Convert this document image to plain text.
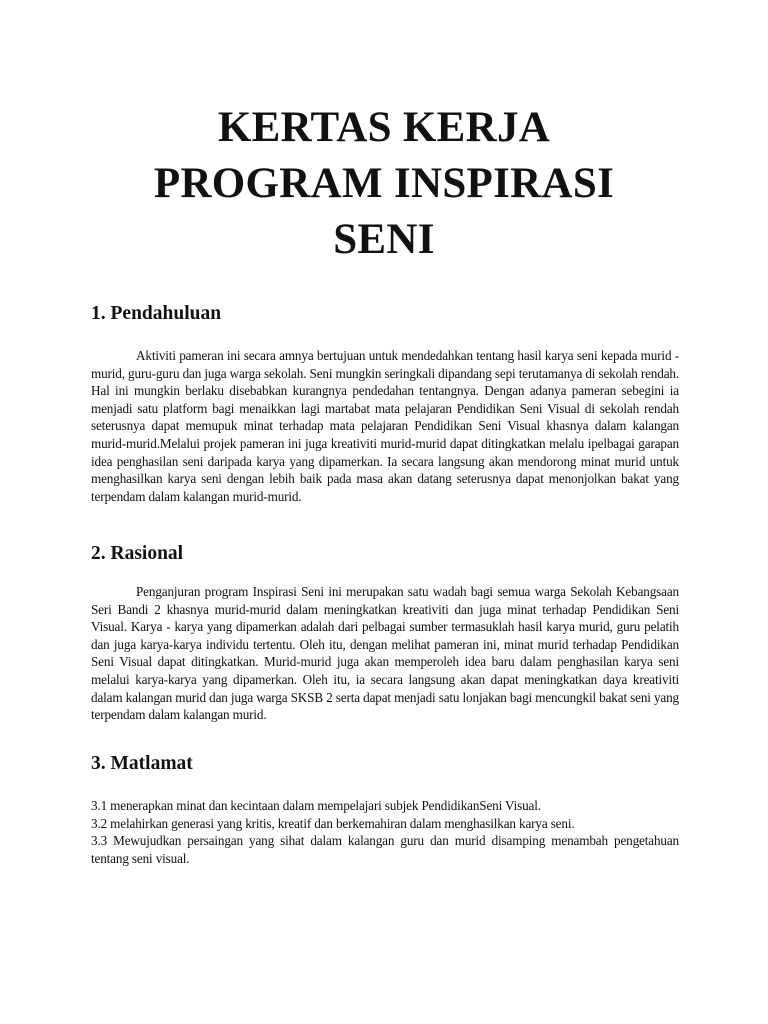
KERTAS KERJA
PROGRAM INSPIRASI
SENI
1. Pendahuluan

Aktiviti pameran ini secara amnya bertujuan untuk mendedahkan tentang hasil karya seni kepada murid -murid, guru-guru dan juga warga sekolah. Seni mungkin seringkali dipandang sepi terutamanya di sekolah rendah. Hal ini mungkin berlaku disebabkan kurangnya pendedahan tentangnya. Dengan adanya pameran sebegini ia menjadi satu platform bagi menaikkan lagi martabat mata pelajaran Pendidikan Seni Visual di sekolah rendah seterusnya dapat memupuk minat terhadap mata pelajaran Pendidikan Seni Visual khasnya dalam kalangan murid-murid.Melalui projek pameran ini juga kreativiti murid-murid dapat ditingkatkan melalu ipelbagai garapan idea penghasilan seni daripada karya yang dipamerkan. Ia secara langsung akan mendorong minat murid untuk menghasilkan karya seni dengan lebih baik pada masa akan datang seterusnya dapat menonjolkan bakat yang terpendam dalam kalangan murid-murid.

2. Rasional

Penganjuran program Inspirasi Seni ini merupakan satu wadah bagi semua warga Sekolah Kebangsaan Seri Bandi 2 khasnya murid-murid dalam meningkatkan kreativiti dan juga minat terhadap Pendidikan Seni Visual. Karya - karya yang dipamerkan adalah dari pelbagai sumber termasuklah hasil karya murid, guru pelatih dan juga karya-karya individu tertentu. Oleh itu, dengan melihat pameran ini, minat murid terhadap Pendidikan Seni Visual dapat ditingkatkan. Murid-murid juga akan memperoleh idea baru dalam penghasilan karya seni melalui karya-karya yang dipamerkan. Oleh itu, ia secara langsung akan dapat meningkatkan daya kreativiti dalam kalangan murid dan juga warga SKSB 2 serta dapat menjadi satu lonjakan bagi mencungkil bakat seni yang terpendam dalam kalangan murid.

3. Matlamat
3.1 menerapkan minat dan kecintaan dalam mempelajari subjek PendidikanSeni Visual.
3.2 melahirkan generasi yang kritis, kreatif dan berkemahiran dalam menghasilkan karya seni.
3.3 Mewujudkan persaingan yang sihat dalam kalangan guru dan murid disamping menambah pengetahuan tentang seni visual.
